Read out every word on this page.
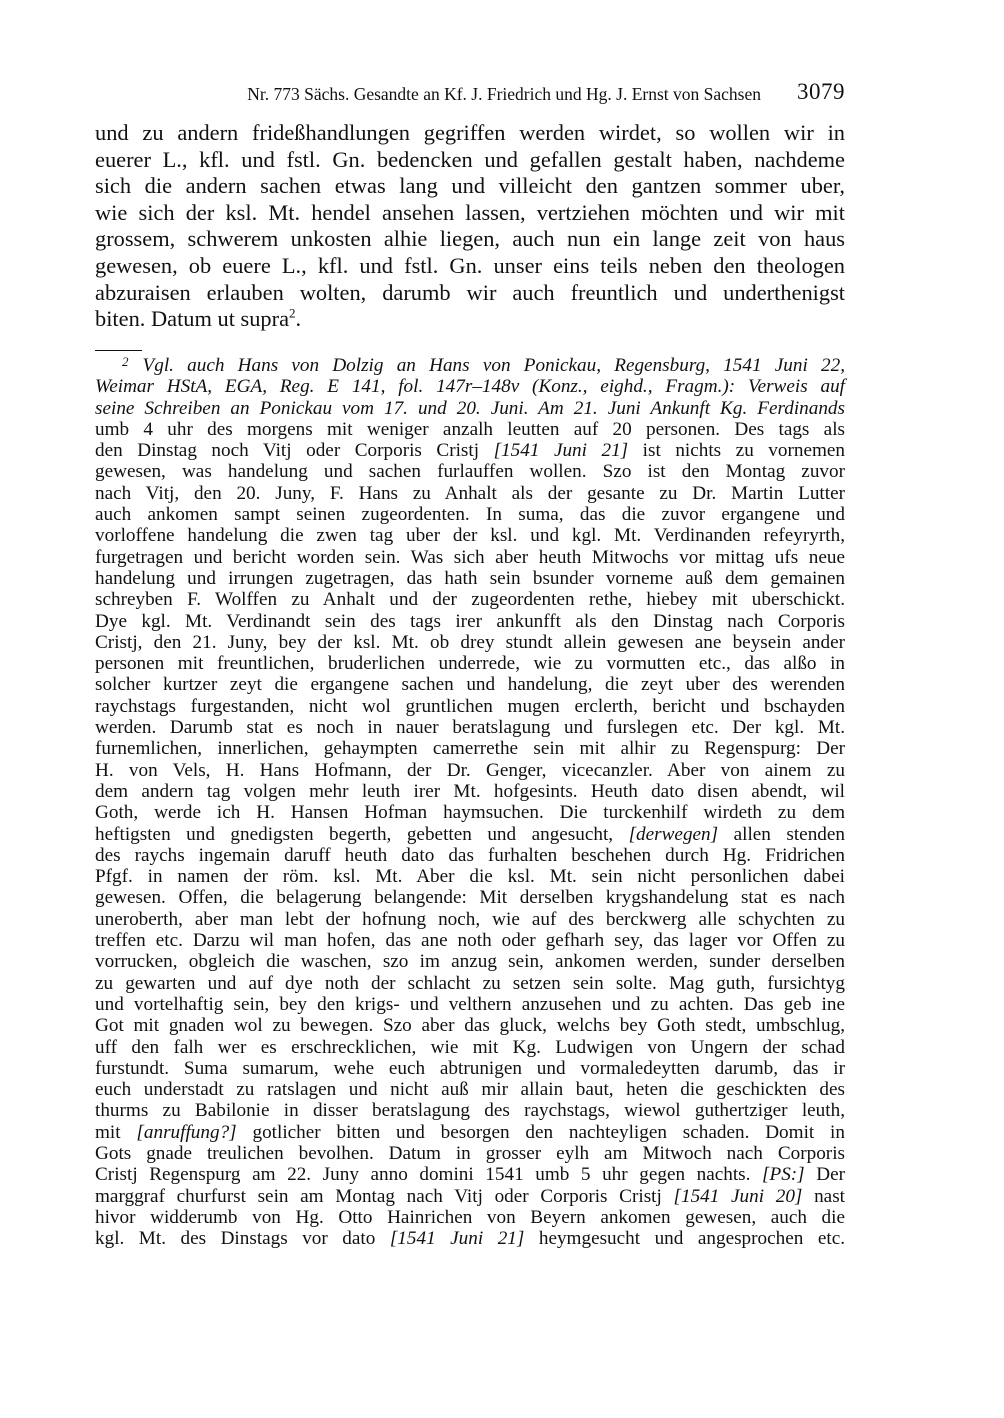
Nr. 773 Sächs. Gesandte an Kf. J. Friedrich und Hg. J. Ernst von Sachsen 3079
und zu andern frideßhandlungen gegriffen werden wirdet, so wollen wir in
euerer L., kfl. und fstl. Gn. bedencken und gefallen gestalt haben, nachdeme
sich die andern sachen etwas lang und villeicht den gantzen sommer uber,
wie sich der ksl. Mt. hendel ansehen lassen, vertziehen möchten und wir mit
grossem, schwerem unkosten alhie liegen, auch nun ein lange zeit von haus
gewesen, ob euere L., kfl. und fstl. Gn. unser eins teils neben den theologen
abzuraisen erlauben wolten, darumb wir auch freuntlich und underthenigst
biten. Datum ut supra$^2$.
$^2$ Vgl. auch Hans von Dolzig an Hans von Ponickau, Regensburg, 1541 Juni 22,
Weimar HStA, EGA, Reg. E 141, fol. 147r–148v (Konz., eighd., Fragm.): Verweis auf
seine Schreiben an Ponickau vom 17. und 20. Juni. Am 21. Juni Ankunft Kg. Ferdinands
umb 4 uhr des morgens mit weniger anzalh leutten auf 20 personen. Des tags als
den Dinstag noch Vitj oder Corporis Cristj [1541 Juni 21] ist nichts zu vornemen
gewesen, was handelung und sachen furlauffen wollen. Szo ist den Montag zuvor
nach Vitj, den 20. Juny, F. Hans zu Anhalt als der gesante zu Dr. Martin Lutter
auch ankomen sampt seinen zugeordenten. In suma, das die zuvor ergangene und
vorloffene handelung die zwen tag uber der ksl. und kgl. Mt. Verdinanden refeyryrth,
furgetragen und bericht worden sein. Was sich aber heuth Mitwochs vor mittag ufs neue
handelung und irrungen zugetragen, das hath sein bsunder vorneme auß dem gemainen
schreyben F. Wolffen zu Anhalt und der zugeordenten rethe, hiebey mit uberschickt.
Dye kgl. Mt. Verdinandt sein des tags irer ankunfft als den Dinstag nach Corporis
Cristj, den 21. Juny, bey der ksl. Mt. ob drey stundt allein gewesen ane beysein ander
personen mit freuntlichen, bruderlichen underrede, wie zu vormutten etc., das alßo in
solcher kurtzer zeyt die ergangene sachen und handelung, die zeyt uber des werenden
raychstags furgestanden, nicht wol gruntlichen mugen erclerth, bericht und bschayden
werden. Darumb stat es noch in nauer beratslagung und furslegen etc. Der kgl. Mt.
furnemlichen, innerlichen, gehaympten camerrethe sein mit alhir zu Regenspurg: Der
H. von Vels, H. Hans Hofmann, der Dr. Genger, vicecanzler. Aber von ainem zu
dem andern tag volgen mehr leuth irer Mt. hofgesints. Heuth dato disen abendt, wil
Goth, werde ich H. Hansen Hofman haymsuchen. Die turckenhilf wirdeth zu dem
heftigsten und gnedigsten begerth, gebetten und angesucht, [derwegen] allen stenden
des raychs ingemain daruff heuth dato das furhalten beschehen durch Hg. Fridrichen
Pfgf. in namen der röm. ksl. Mt. Aber die ksl. Mt. sein nicht personlichen dabei
gewesen. Offen, die belagerung belangende: Mit derselben krygshandelung stat es nach
uneroberth, aber man lebt der hofnung noch, wie auf des berckwerg alle schychten zu
treffen etc. Darzu wil man hofen, das ane noth oder gefharh sey, das lager vor Offen zu
vorrucken, obgleich die waschen, szo im anzug sein, ankomen werden, sunder derselben
zu gewarten und auf dye noth der schlacht zu setzen sein solte. Mag guth, fursichtyg
und vortelhaftig sein, bey den krigs- und velthern anzusehen und zu achten. Das geb ine
Got mit gnaden wol zu bewegen. Szo aber das gluck, welchs bey Goth stedt, umbschlug,
uff den falh wer es erschrecklichen, wie mit Kg. Ludwigen von Ungern der schad
furstundt. Suma sumarum, wehe euch abtrunigen und vormaledeytten darumb, das ir
euch understadt zu ratslagen und nicht auß mir allain baut, heten die geschickten des
thurms zu Babilonie in disser beratslagung des raychstags, wiewol guthertziger leuth,
mit [anruffung?] gotlicher bitten und besorgen den nachteyligen schaden. Domit in
Gots gnade treulichen bevolhen. Datum in grosser eylh am Mitwoch nach Corporis
Cristj Regenspurg am 22. Juny anno domini 1541 umb 5 uhr gegen nachts. [PS:] Der
marggraf churfurst sein am Montag nach Vitj oder Corporis Cristj [1541 Juni 20] nast
hivor widderumb von Hg. Otto Hainrichen von Beyern ankomen gewesen, auch die
kgl. Mt. des Dinstags vor dato [1541 Juni 21] heymgesucht und angesprochen etc.
